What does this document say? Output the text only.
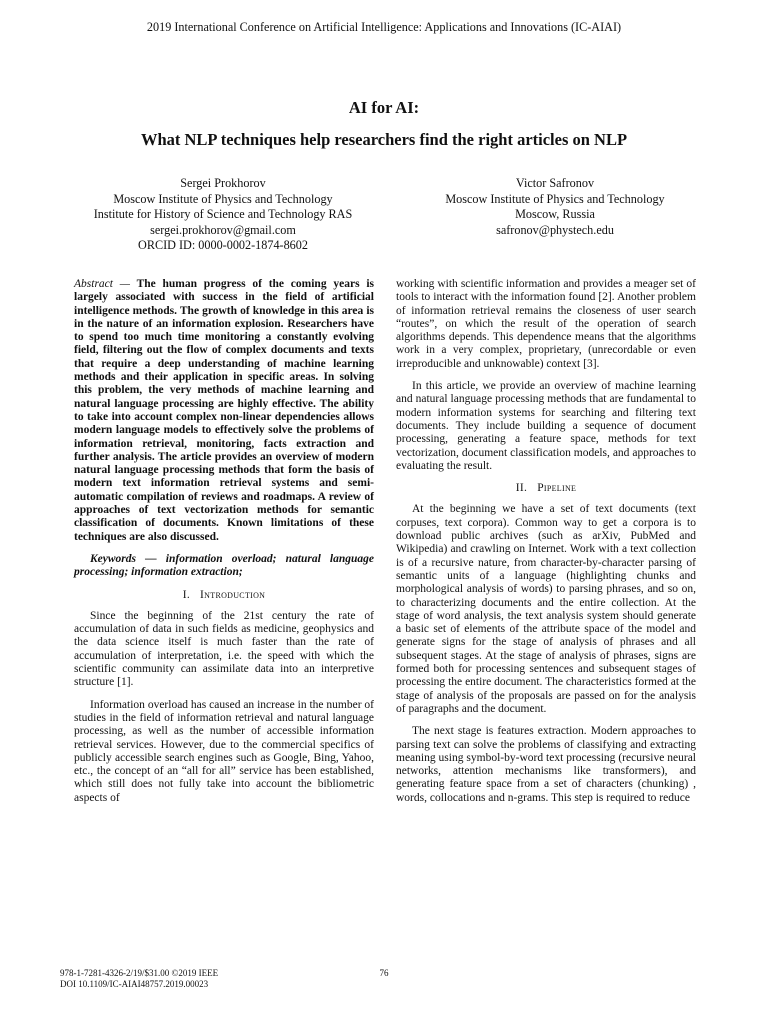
2019 International Conference on Artificial Intelligence: Applications and Innovations (IC-AIAI)

AI for AI:

What NLP techniques help researchers find the right articles on NLP

Sergei Prokhorov
Moscow Institute of Physics and Technology
Institute for History of Science and Technology RAS
sergei.prokhorov@gmail.com
ORCID ID: 0000-0002-1874-8602
Victor Safronov
Moscow Institute of Physics and Technology
Moscow, Russia
safronov@phystech.edu

Abstract — The human progress of the coming years is largely associated with success in the field of artificial intelligence methods. The growth of knowledge in this area is in the nature of an information explosion. Researchers have to spend too much time monitoring a constantly evolving field, filtering out the flow of complex documents and texts that require a deep understanding of machine learning methods and their application in specific areas. In solving this problem, the very methods of machine learning and natural language processing are highly effective. The ability to take into account complex non-linear dependencies allows modern language models to effectively solve the problems of information retrieval, monitoring, facts extraction and further analysis. The article provides an overview of modern natural language processing methods that form the basis of modern text information retrieval systems and semi-automatic compilation of reviews and roadmaps. A review of approaches of text vectorization methods for semantic classification of documents. Known limitations of these techniques are also discussed.

Keywords — information overload; natural language processing; information extraction;

I. Introduction

Since the beginning of the 21st century the rate of accumulation of data in such fields as medicine, geophysics and the data science itself is much faster than the rate of accumulation of interpretation, i.e. the speed with which the scientific community can assimilate data into an interpretive structure [1].

Information overload has caused an increase in the number of studies in the field of information retrieval and natural language processing, as well as the number of accessible information retrieval services. However, due to the commercial specifics of publicly accessible search engines such as Google, Bing, Yahoo, etc., the concept of an “all for all” service has been established, which still does not fully take into account the bibliometric aspects of

working with scientific information and provides a meager set of tools to interact with the information found [2]. Another problem of information retrieval remains the closeness of user search “routes”, on which the result of the operation of search algorithms depends. This dependence means that the algorithms work in a very complex, proprietary, (unrecordable or even irreproducible and unknowable) context [3].

In this article, we provide an overview of machine learning and natural language processing methods that are fundamental to modern information systems for searching and filtering text documents. They include building a sequence of document processing, generating a feature space, methods for text vectorization, document classification models, and approaches to evaluating the result.

II. Pipeline

At the beginning we have a set of text documents (text corpuses, text corpora). Common way to get a corpora is to download public archives (such as arXiv, PubMed and Wikipedia) and crawling on Internet. Work with a text collection is of a recursive nature, from character-by-character parsing of semantic units of a language (highlighting chunks and morphological analysis of words) to parsing phrases, and so on, to characterizing documents and the entire collection. At the stage of word analysis, the text analysis system should generate a basic set of elements of the attribute space of the model and generate signs for the stage of analysis of phrases and all subsequent stages. At the stage of analysis of phrases, signs are formed both for processing sentences and subsequent stages of processing the entire document. The characteristics formed at the stage of analysis of the proposals are passed on for the analysis of paragraphs and the document.

The next stage is features extraction. Modern approaches to parsing text can solve the problems of classifying and extracting meaning using symbol-by-word text processing (recursive neural networks, attention mechanisms like transformers), and generating feature space from a set of characters (chunking) , words, collocations and n-grams. This step is required to reduce

978-1-7281-4326-2/19/$31.00 ©2019 IEEE
DOI 10.1109/IC-AIAI48757.2019.00023
76
